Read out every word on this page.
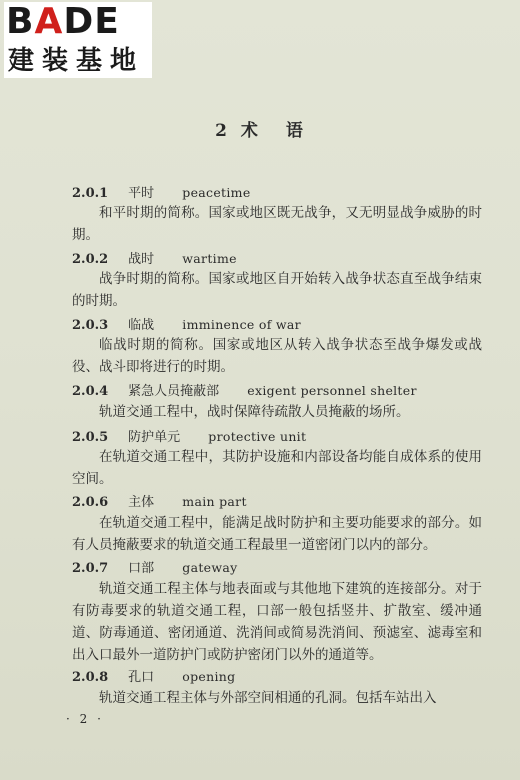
BADE
建装基地
2 术 语
2.0.1 平时 peacetime
和平时期的简称。国家或地区既无战争，又无明显战争威胁的时期。
2.0.2 战时 wartime
战争时期的简称。国家或地区自开始转入战争状态直至战争结束的时期。
2.0.3 临战 imminence of war
临战时期的简称。国家或地区从转入战争状态至战争爆发或战役、战斗即将进行的时期。
2.0.4 紧急人员掩蔽部 exigent personnel shelter
轨道交通工程中，战时保障待疏散人员掩蔽的场所。
2.0.5 防护单元 protective unit
在轨道交通工程中，其防护设施和内部设备均能自成体系的使用空间。
2.0.6 主体 main part
在轨道交通工程中，能满足战时防护和主要功能要求的部分。如有人员掩蔽要求的轨道交通工程最里一道密闭门以内的部分。
2.0.7 口部 gateway
轨道交通工程主体与地表面或与其他地下建筑的连接部分。对于有防毒要求的轨道交通工程，口部一般包括竖井、扩散室、缓冲通道、防毒通道、密闭通道、洗消间或简易洗消间、预滤室、滤毒室和出入口最外一道防护门或防护密闭门以外的通道等。
2.0.8 孔口 opening
轨道交通工程主体与外部空间相通的孔洞。包括车站出入
· 2 ·
